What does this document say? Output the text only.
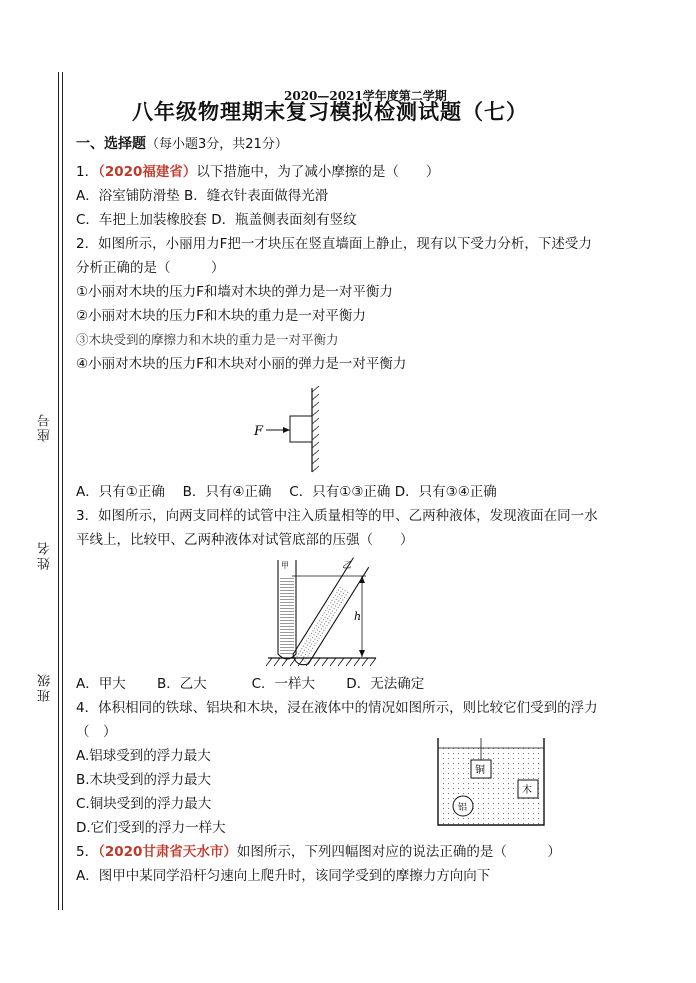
座号
姓名
班级
2020—2021学年度第二学期
八年级物理期末复习模拟检测试题（七）
一、选择题（每小题3分，共21分）
1．（2020福建省）以下措施中，为了减小摩擦的是（　　）
A．浴室铺防滑垫 B．缝衣针表面做得光滑
C．车把上加装橡胶套 D．瓶盖侧表面刻有竖纹
2．如图所示，小丽用力F把一才块压在竖直墙面上静止，现有以下受力分析，下述受力
分析正确的是（　　　）
①小丽对木块的压力F和墙对木块的弹力是一对平衡力
②小丽对木块的压力F和木块的重力是一对平衡力
③木块受到的摩擦力和木块的重力是一对平衡力
④小丽对木块的压力F和木块对小丽的弹力是一对平衡力
F
A．只有①正确　 B．只有④正确　 C．只有①③正确 D．只有③④正确
3．如图所示，向两支同样的试管中注入质量相等的甲、乙两种液体，发现液面在同一水
平线上，比较甲、乙两种液体对试管底部的压强（　　）
甲	乙
h
A．甲大　　 B．乙大　　　 C．一样大　　 D．无法确定
4．体积相同的铁球、铝块和木块，浸在液体中的情况如图所示，则比较它们受到的浮力
（　）
A.铝球受到的浮力最大
B.木块受到的浮力最大
C.铜块受到的浮力最大
D.它们受到的浮力一样大
铜
木
铝
5．（2020甘肃省天水市）如图所示，下列四幅图对应的说法正确的是（　　　）
A．图甲中某同学沿杆匀速向上爬升时，该同学受到的摩擦力方向向下
